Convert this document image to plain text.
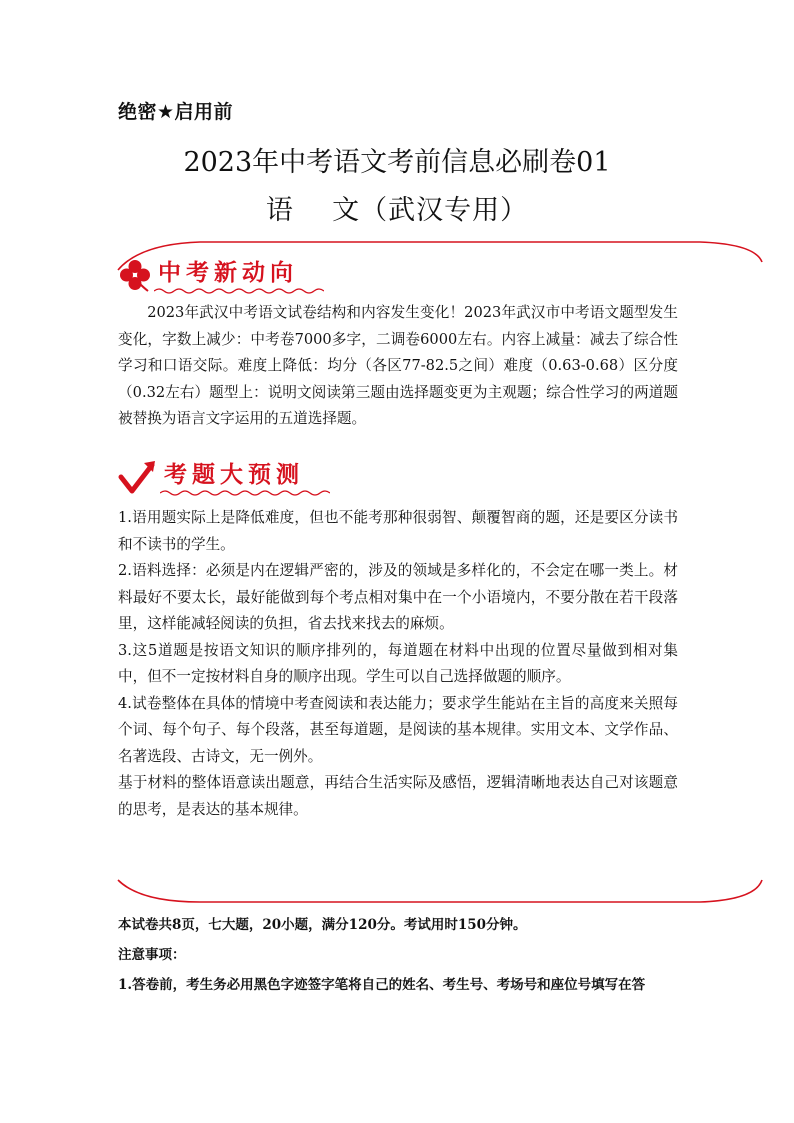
绝密★启用前
2023年中考语文考前信息必刷卷01
语    文（武汉专用）
中考新动向
2023年武汉中考语文试卷结构和内容发生变化！2023年武汉市中考语文题型发生变化，字数上减少：中考卷7000多字，二调卷6000左右。内容上减量：减去了综合性学习和口语交际。难度上降低：均分（各区77-82.5之间）难度（0.63-0.68）区分度（0.32左右）题型上：说明文阅读第三题由选择题变更为主观题；综合性学习的两道题被替换为语言文字运用的五道选择题。
考题大预测

1.语用题实际上是降低难度，但也不能考那种很弱智、颠覆智商的题，还是要区分读书和不读书的学生。

2.语料选择：必须是内在逻辑严密的，涉及的领域是多样化的，不会定在哪一类上。材料最好不要太长，最好能做到每个考点相对集中在一个小语境内，不要分散在若干段落里，这样能减轻阅读的负担，省去找来找去的麻烦。

3.这5道题是按语文知识的顺序排列的，每道题在材料中出现的位置尽量做到相对集中，但不一定按材料自身的顺序出现。学生可以自己选择做题的顺序。

4.试卷整体在具体的情境中考查阅读和表达能力；要求学生能站在主旨的高度来关照每个词、每个句子、每个段落，甚至每道题，是阅读的基本规律。实用文本、文学作品、名著选段、古诗文，无一例外。

基于材料的整体语意读出题意，再结合生活实际及感悟，逻辑清晰地表达自己对该题意的思考，是表达的基本规律。

本试卷共8页，七大题，20小题，满分120分。考试用时150分钟。

注意事项：

1.答卷前，考生务必用黑色字迹签字笔将自己的姓名、考生号、考场号和座位号填写在答
